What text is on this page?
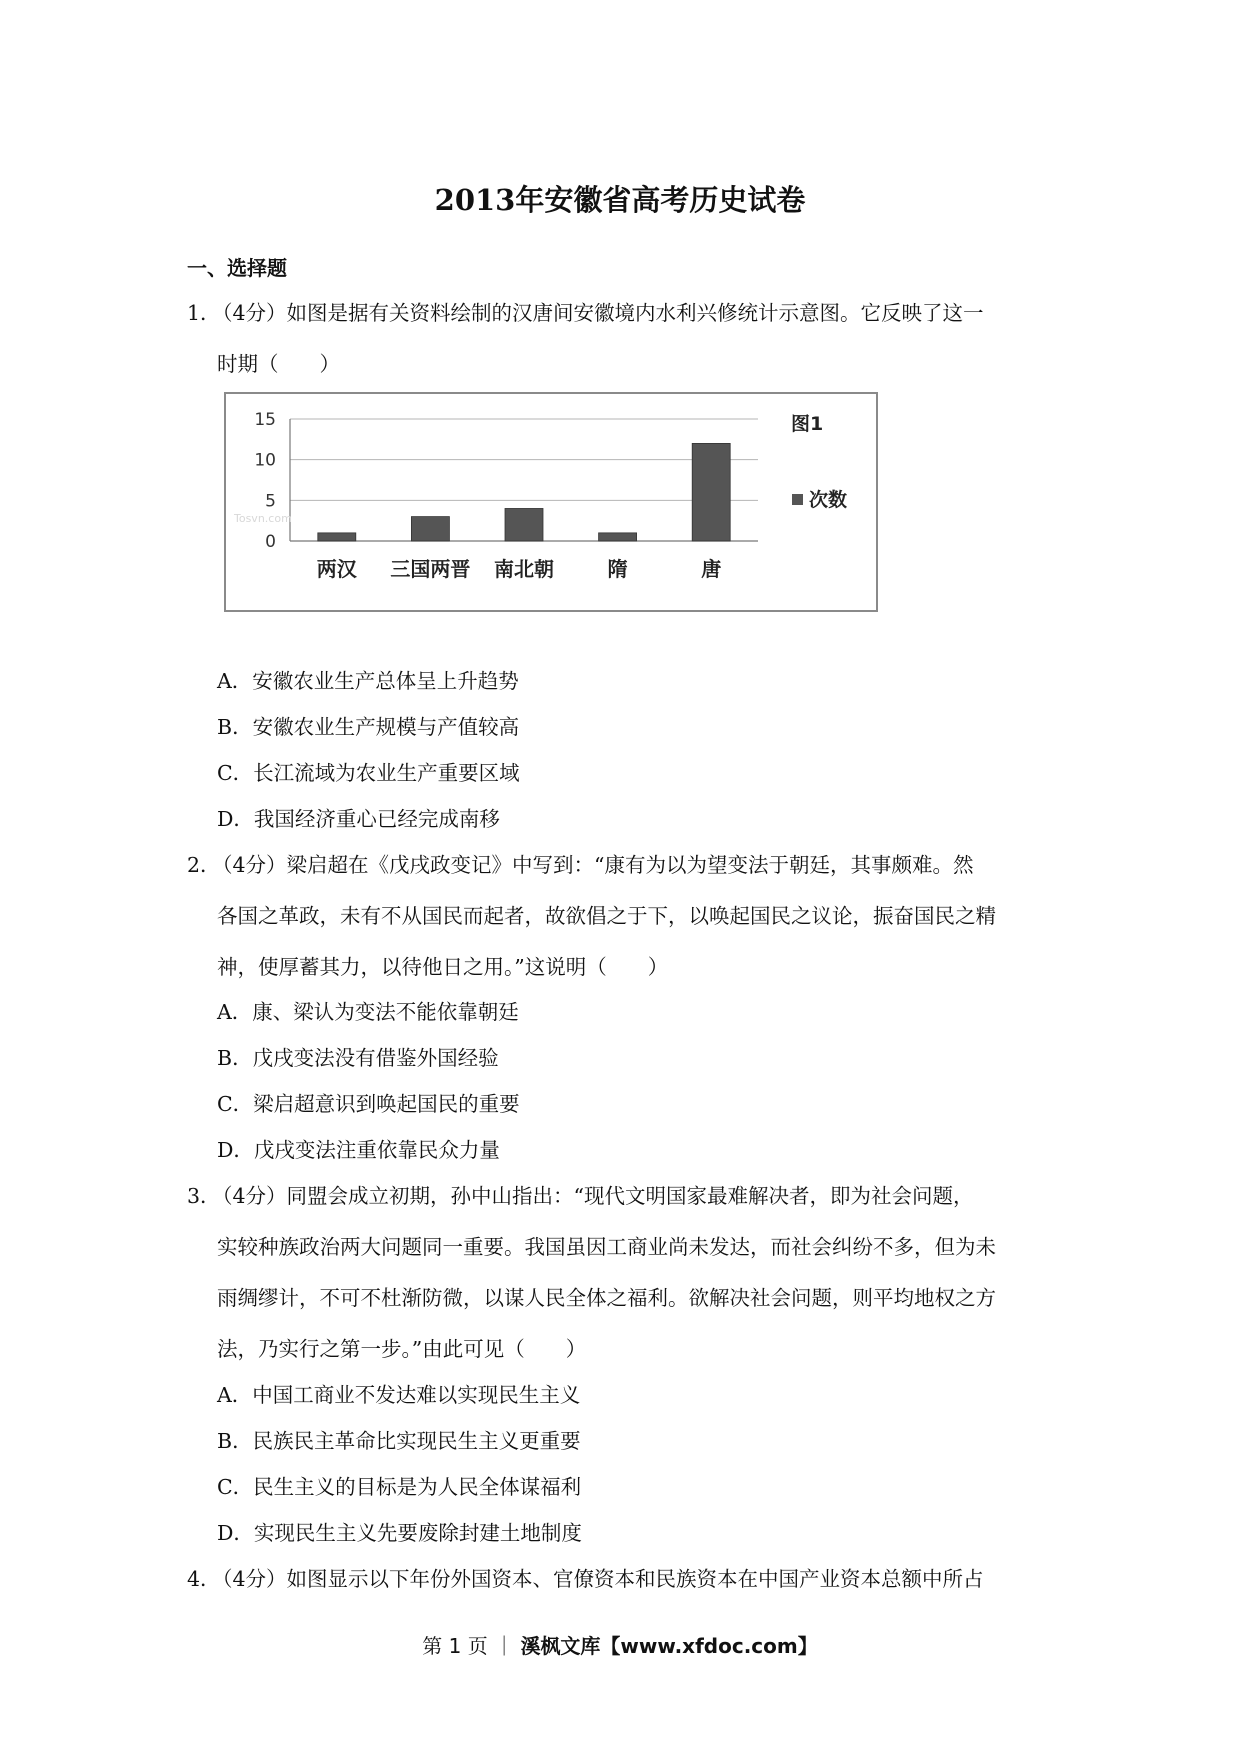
2013年安徽省高考历史试卷
一、选择题
1．
（4分）如图是据有关资料绘制的汉唐间安徽境内水利兴修统计示意图。它反映了这一
时期（　　）
0
5
10
15
Tosvn.com
两汉 三国两晋 南北朝	隋	唐
图1
次数
A．安徽农业生产总体呈上升趋势
B．安徽农业生产规模与产值较高
C．长江流域为农业生产重要区域
D．我国经济重心已经完成南移
2．
（4分）梁启超在《戊戌政变记》中写到：“康有为以为望变法于朝廷，其事颇难。然
各国之革政，未有不从国民而起者，故欲倡之于下，以唤起国民之议论，振奋国民之精
神，使厚蓄其力，以待他日之用。”这说明（　　）
A．康、梁认为变法不能依靠朝廷
B．戊戌变法没有借鉴外国经验
C．梁启超意识到唤起国民的重要
D．戊戌变法注重依靠民众力量
3．
（4分）同盟会成立初期，孙中山指出：“现代文明国家最难解决者，即为社会问题，
实较种族政治两大问题同一重要。我国虽因工商业尚未发达，而社会纠纷不多，但为未
雨绸缪计，不可不杜渐防微，以谋人民全体之福利。欲解决社会问题，则平均地权之方
法，乃实行之第一步。”由此可见（　　）
A．中国工商业不发达难以实现民生主义
B．民族民主革命比实现民生主义更重要
C．民生主义的目标是为人民全体谋福利
D．实现民生主义先要废除封建土地制度
4．
（4分）如图显示以下年份外国资本、官僚资本和民族资本在中国产业资本总额中所占
第 1 页 ｜ 溪枫文库【www.xfdoc.com】
